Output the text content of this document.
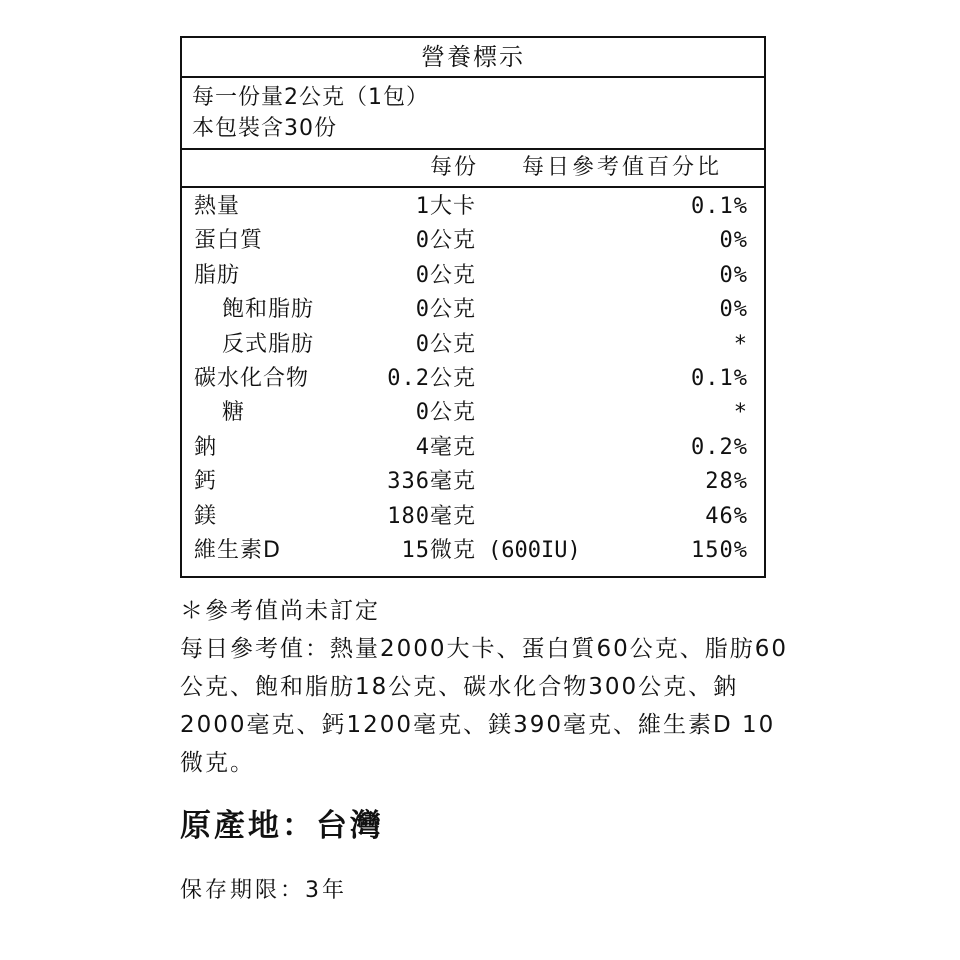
營養標示
每一份量2公克（1包）
本包裝含30份
每份 每日參考值百分比
熱量	1大卡	0.1%
蛋白質	0公克	0%
脂肪	0公克	0%
飽和脂肪	0公克	0%
反式脂肪	0公克	*
碳水化合物	0.2公克	0.1%
糖	0公克	*
鈉	4毫克	0.2%
鈣	336毫克	28%
鎂	180毫克	46%
維生素D	15微克 (600IU)	150%

＊參考值尚未訂定

每日參考值：熱量2000大卡、蛋白質60公克、脂肪60公克、飽和脂肪18公克、碳水化合物300公克、鈉2000毫克、鈣1200毫克、鎂390毫克、維生素D 10微克。

原產地：台灣
保存期限：3年
